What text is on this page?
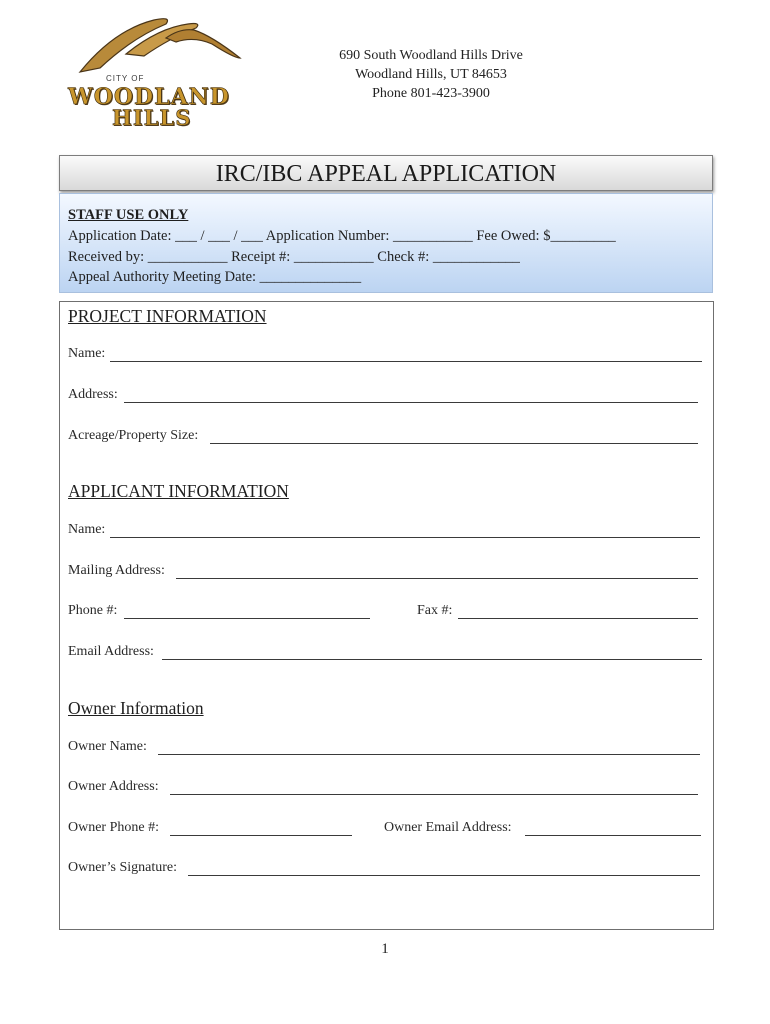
CITY OF
WOODLAND
HILLS
690 South Woodland Hills Drive
Woodland Hills, UT 84653
Phone 801-423-3900
IRC/IBC APPEAL APPLICATION
STAFF USE ONLY
Application Date: ___ / ___ / ___ Application Number: ___________ Fee Owed: $_________
Received by: ___________ Receipt #: ___________ Check #: ____________
Appeal Authority Meeting Date: ______________
PROJECT INFORMATION
Name:
Address:
Acreage/Property Size:
APPLICANT INFORMATION
Name:
Mailing Address:
Phone #:	Fax #:
Email Address:
Owner Information
Owner Name:
Owner Address:
Owner Phone #:	Owner Email Address:
Owner’s Signature:
1
